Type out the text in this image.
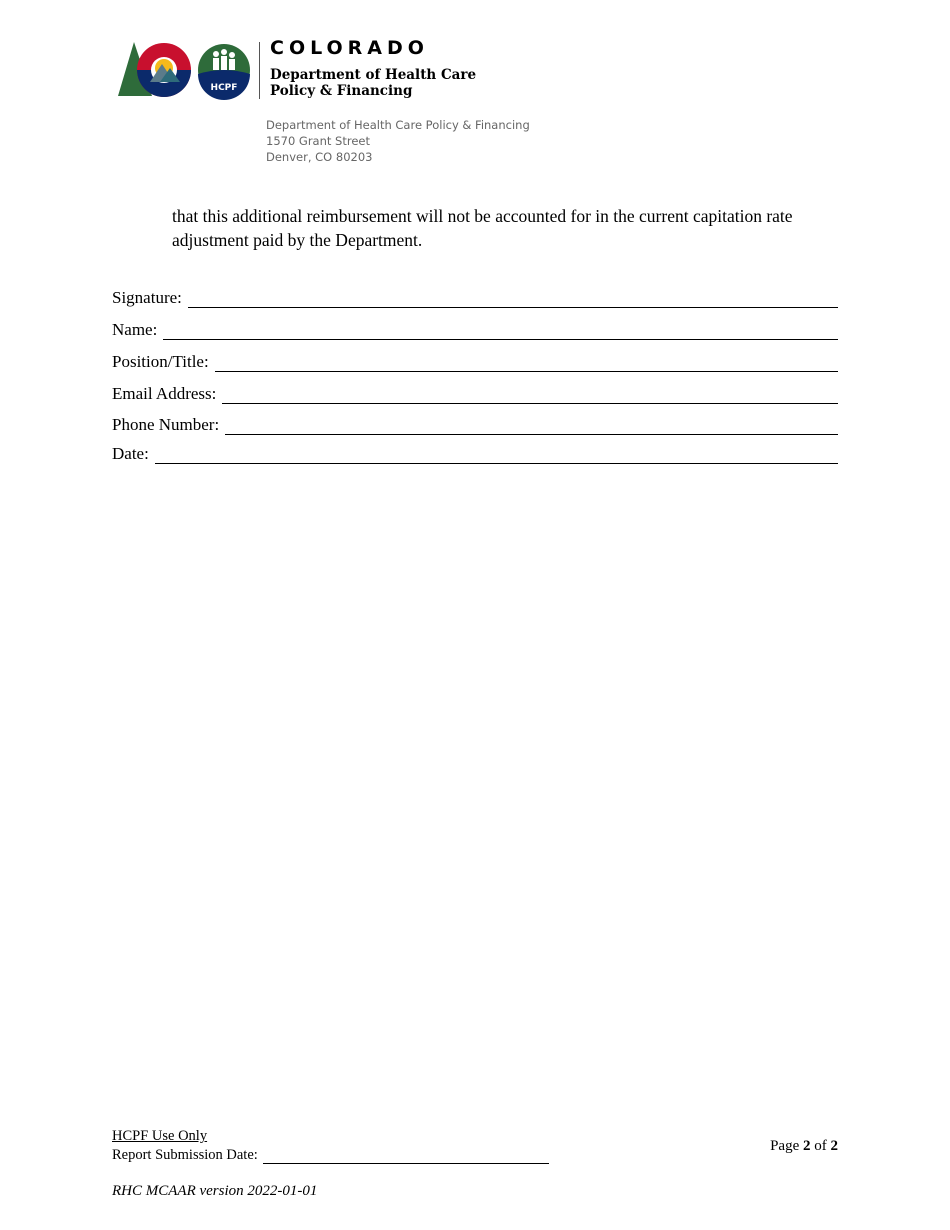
HCPF
COLORADO
Department of Health Care
Policy & Financing
Department of Health Care Policy & Financing
1570 Grant Street
Denver, CO 80203
that this additional reimbursement will not be accounted for in the current capitation rate adjustment paid by the Department.
Signature:
Name:
Position/Title:
Email Address:
Phone Number:
Date:
HCPF Use Only
Report Submission Date:
Page 2 of 2
RHC MCAAR version 2022-01-01
